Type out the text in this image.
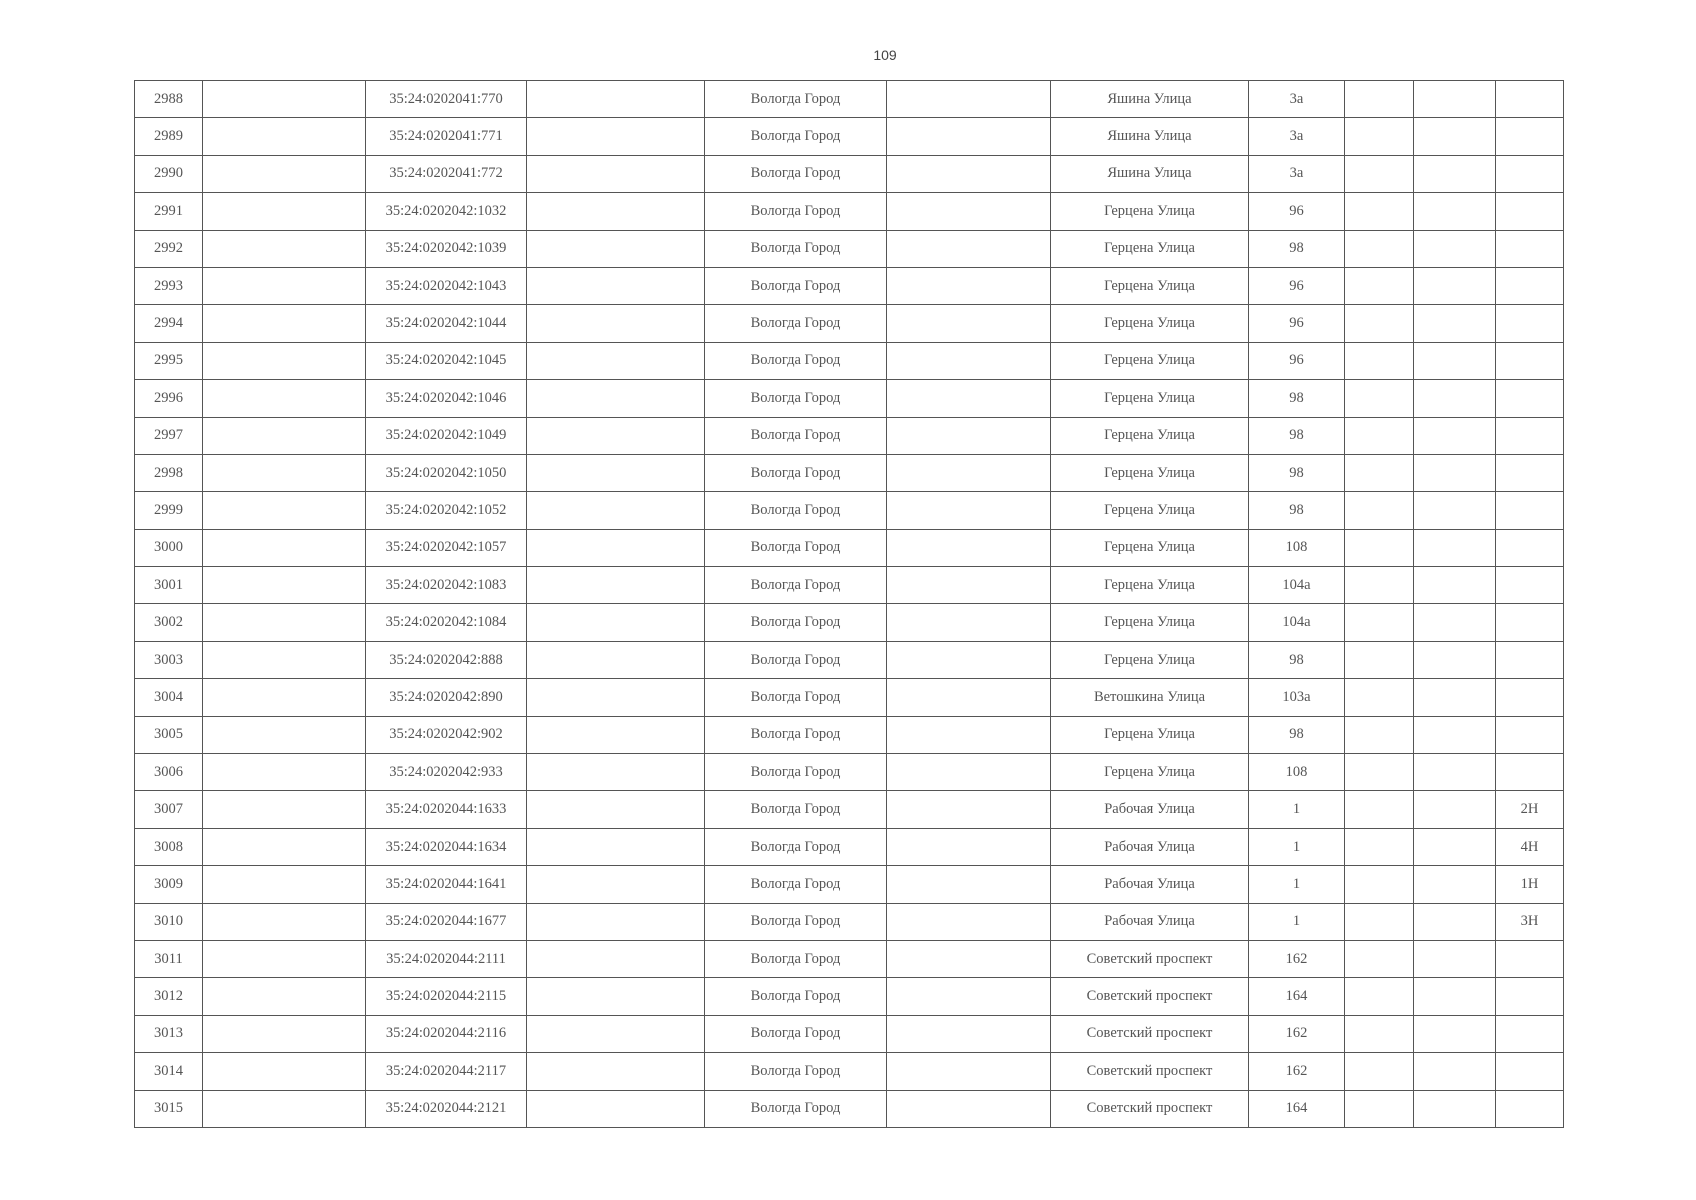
109
2988		35:24:0202041:770		Вологда Город		Яшина Улица	3а			
2989		35:24:0202041:771		Вологда Город		Яшина Улица	3а			
2990		35:24:0202041:772		Вологда Город		Яшина Улица	3а			
2991		35:24:0202042:1032		Вологда Город		Герцена Улица	96			
2992		35:24:0202042:1039		Вологда Город		Герцена Улица	98			
2993		35:24:0202042:1043		Вологда Город		Герцена Улица	96			
2994		35:24:0202042:1044		Вологда Город		Герцена Улица	96			
2995		35:24:0202042:1045		Вологда Город		Герцена Улица	96			
2996		35:24:0202042:1046		Вологда Город		Герцена Улица	98			
2997		35:24:0202042:1049		Вологда Город		Герцена Улица	98			
2998		35:24:0202042:1050		Вологда Город		Герцена Улица	98			
2999		35:24:0202042:1052		Вологда Город		Герцена Улица	98			
3000		35:24:0202042:1057		Вологда Город		Герцена Улица	108			
3001		35:24:0202042:1083		Вологда Город		Герцена Улица	104а			
3002		35:24:0202042:1084		Вологда Город		Герцена Улица	104а			
3003		35:24:0202042:888		Вологда Город		Герцена Улица	98			
3004		35:24:0202042:890		Вологда Город		Ветошкина Улица	103а			
3005		35:24:0202042:902		Вологда Город		Герцена Улица	98			
3006		35:24:0202042:933		Вологда Город		Герцена Улица	108			
3007		35:24:0202044:1633		Вологда Город		Рабочая Улица	1			2Н
3008		35:24:0202044:1634		Вологда Город		Рабочая Улица	1			4Н
3009		35:24:0202044:1641		Вологда Город		Рабочая Улица	1			1Н
3010		35:24:0202044:1677		Вологда Город		Рабочая Улица	1			3Н
3011		35:24:0202044:2111		Вологда Город		Советский проспект	162			
3012		35:24:0202044:2115		Вологда Город		Советский проспект	164			
3013		35:24:0202044:2116		Вологда Город		Советский проспект	162			
3014		35:24:0202044:2117		Вологда Город		Советский проспект	162			
3015		35:24:0202044:2121		Вологда Город		Советский проспект	164			
